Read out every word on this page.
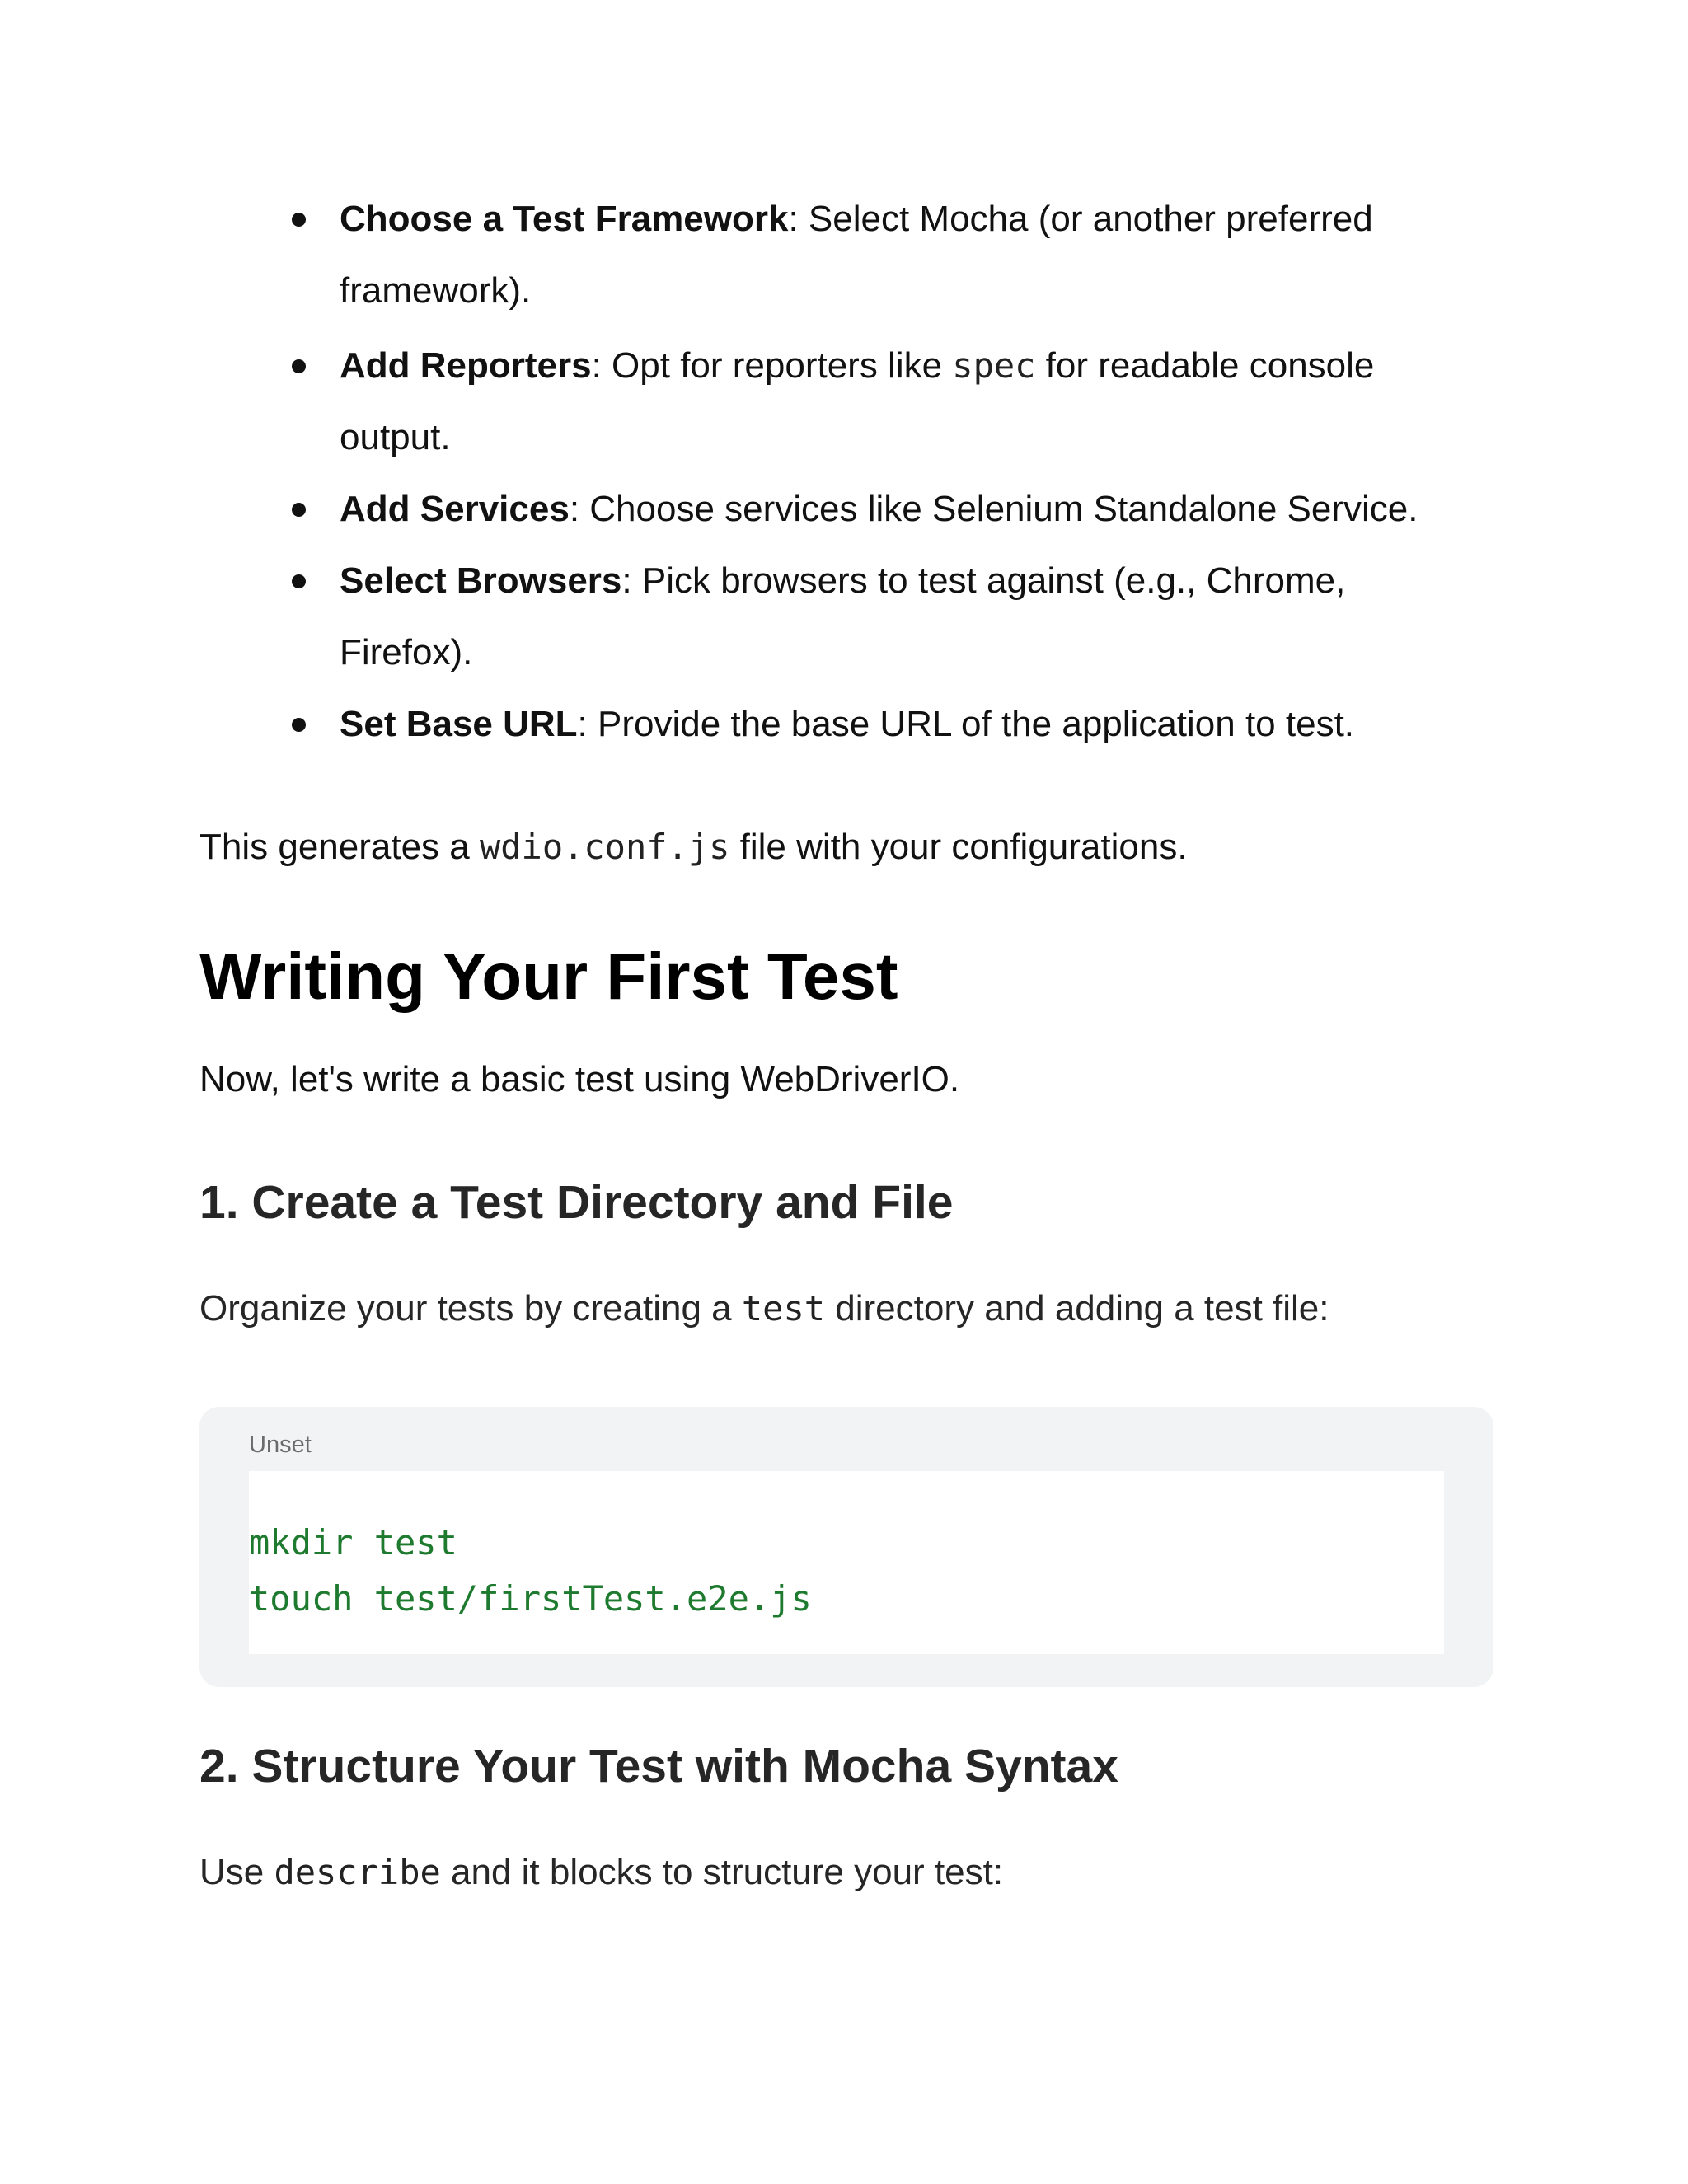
Choose a Test Framework: Select Mocha (or another preferred
framework).
Add Reporters: Opt for reporters like spec for readable console
output.
Add Services: Choose services like Selenium Standalone Service.
Select Browsers: Pick browsers to test against (e.g., Chrome,
Firefox).
Set Base URL: Provide the base URL of the application to test.

This generates a wdio.conf.js file with your configurations.

Writing Your First Test

Now, let's write a basic test using WebDriverIO.

1. Create a Test Directory and File

Organize your tests by creating a test directory and adding a test file:

Unset
mkdir test
touch test/firstTest.e2e.js
2. Structure Your Test with Mocha Syntax

Use describe and it blocks to structure your test:
